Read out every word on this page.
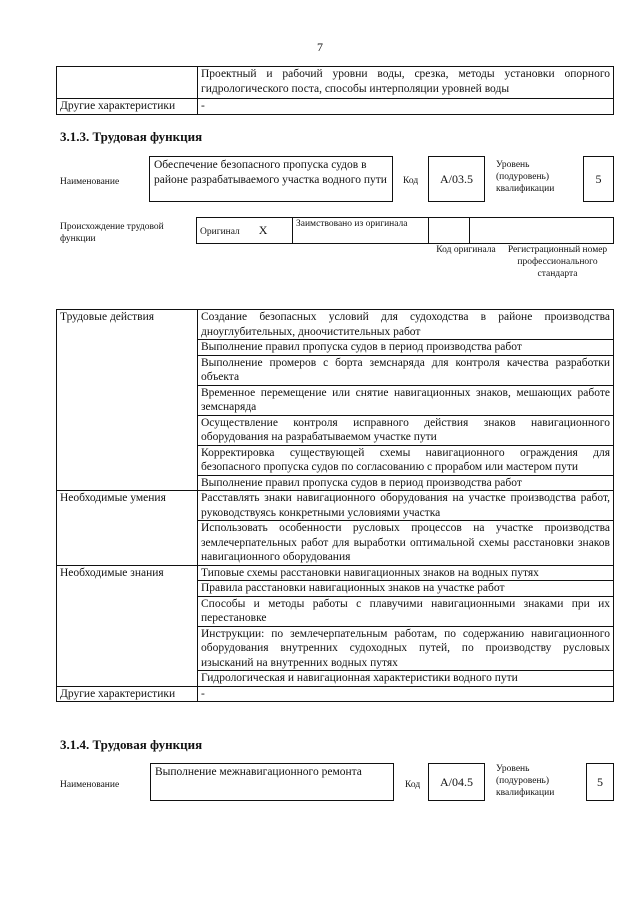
7
	Проектный и рабочий уровни воды, срезка, методы установки опорного гидрологического поста, способы интерполяции уровней воды
Другие характеристики	-
3.1.3. Трудовая функция
Наименование
Обеспечение безопасного пропуска судов в районе разрабатываемого участка водного пути	Код A/03.5
Уровень (подуровень) квалификации
5
Происхождение трудовой функции
Оригинал X	Заимствовано из оригинала		
Код оригинала Регистрационный номер профессионального стандарта
Трудовые действия	Создание безопасных условий для судоходства в районе производства дноуглубительных, дноочистительных работ
	Выполнение правил пропуска судов в период производства работ
	Выполнение промеров с борта земснаряда для контроля качества разработки объекта
	Временное перемещение или снятие навигационных знаков, мешающих работе земснаряда
	Осуществление контроля исправного действия знаков навигационного оборудования на разрабатываемом участке пути
	Корректировка существующей схемы навигационного ограждения для безопасного пропуска судов по согласованию с прорабом или мастером пути
	Выполнение правил пропуска судов в период производства работ
Необходимые умения	Расставлять знаки навигационного оборудования на участке производства работ, руководствуясь конкретными условиями участка
	Использовать особенности русловых процессов на участке производства землечерпательных работ для выработки оптимальной схемы расстановки знаков навигационного оборудования
Необходимые знания	Типовые схемы расстановки навигационных знаков на водных путях
	Правила расстановки навигационных знаков на участке работ
	Способы и методы работы с плавучими навигационными знаками при их перестановке
	Инструкции: по землечерпательным работам, по содержанию навигационного оборудования внутренних судоходных путей, по производству русловых изысканий на внутренних водных путях
	Гидрологическая и навигационная характеристики водного пути
Другие характеристики	-
3.1.4. Трудовая функция
Наименование
Выполнение межнавигационного ремонта
Код A/04.5
Уровень (подуровень) квалификации
5
